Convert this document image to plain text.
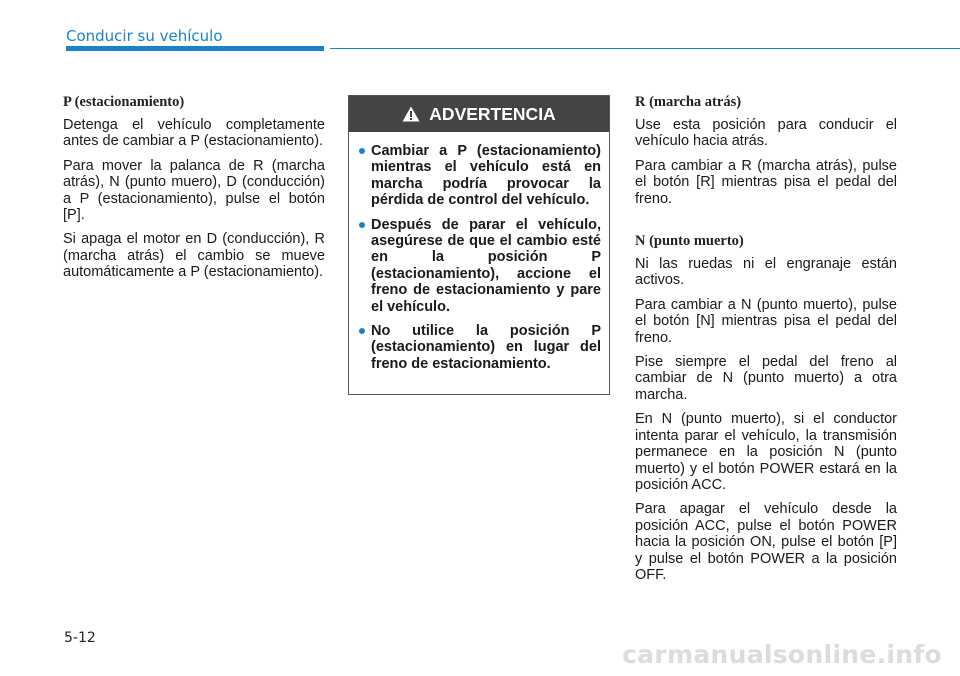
Conducir su vehículo
P (estacionamiento)

Detenga el vehículo completamente antes de cambiar a P (estacionamiento).

Para mover la palanca de R (marcha atrás), N (punto muero), D (conducción) a P (estacionamiento), pulse el botón [P].

Si apaga el motor en D (conducción), R (marcha atrás) el cambio se mueve automáticamente a P (estacionamiento).

ADVERTENCIA
Cambiar a P (estacionamiento) mientras el vehículo está en marcha podría provocar la pérdida de control del vehículo.
Después de parar el vehículo, asegúrese de que el cambio esté en la posición P (estacionamiento), accione el freno de estacionamiento y pare el vehículo.
No utilice la posición P (estacionamiento) en lugar del freno de estacionamiento.
R (marcha atrás)

Use esta posición para conducir el vehículo hacia atrás.

Para cambiar a R (marcha atrás), pulse el botón [R] mientras pisa el pedal del freno.

N (punto muerto)

Ni las ruedas ni el engranaje están activos.

Para cambiar a N (punto muerto), pulse el botón [N] mientras pisa el pedal del freno.

Pise siempre el pedal del freno al cambiar de N (punto muerto) a otra marcha.

En N (punto muerto), si el conductor intenta parar el vehículo, la transmisión permanece en la posición N (punto muerto) y el botón POWER estará en la posición ACC.

Para apagar el vehículo desde la posición ACC, pulse el botón POWER hacia la posición ON, pulse el botón [P] y pulse el botón POWER a la posición OFF.

5-12
carmanualsonline.info
